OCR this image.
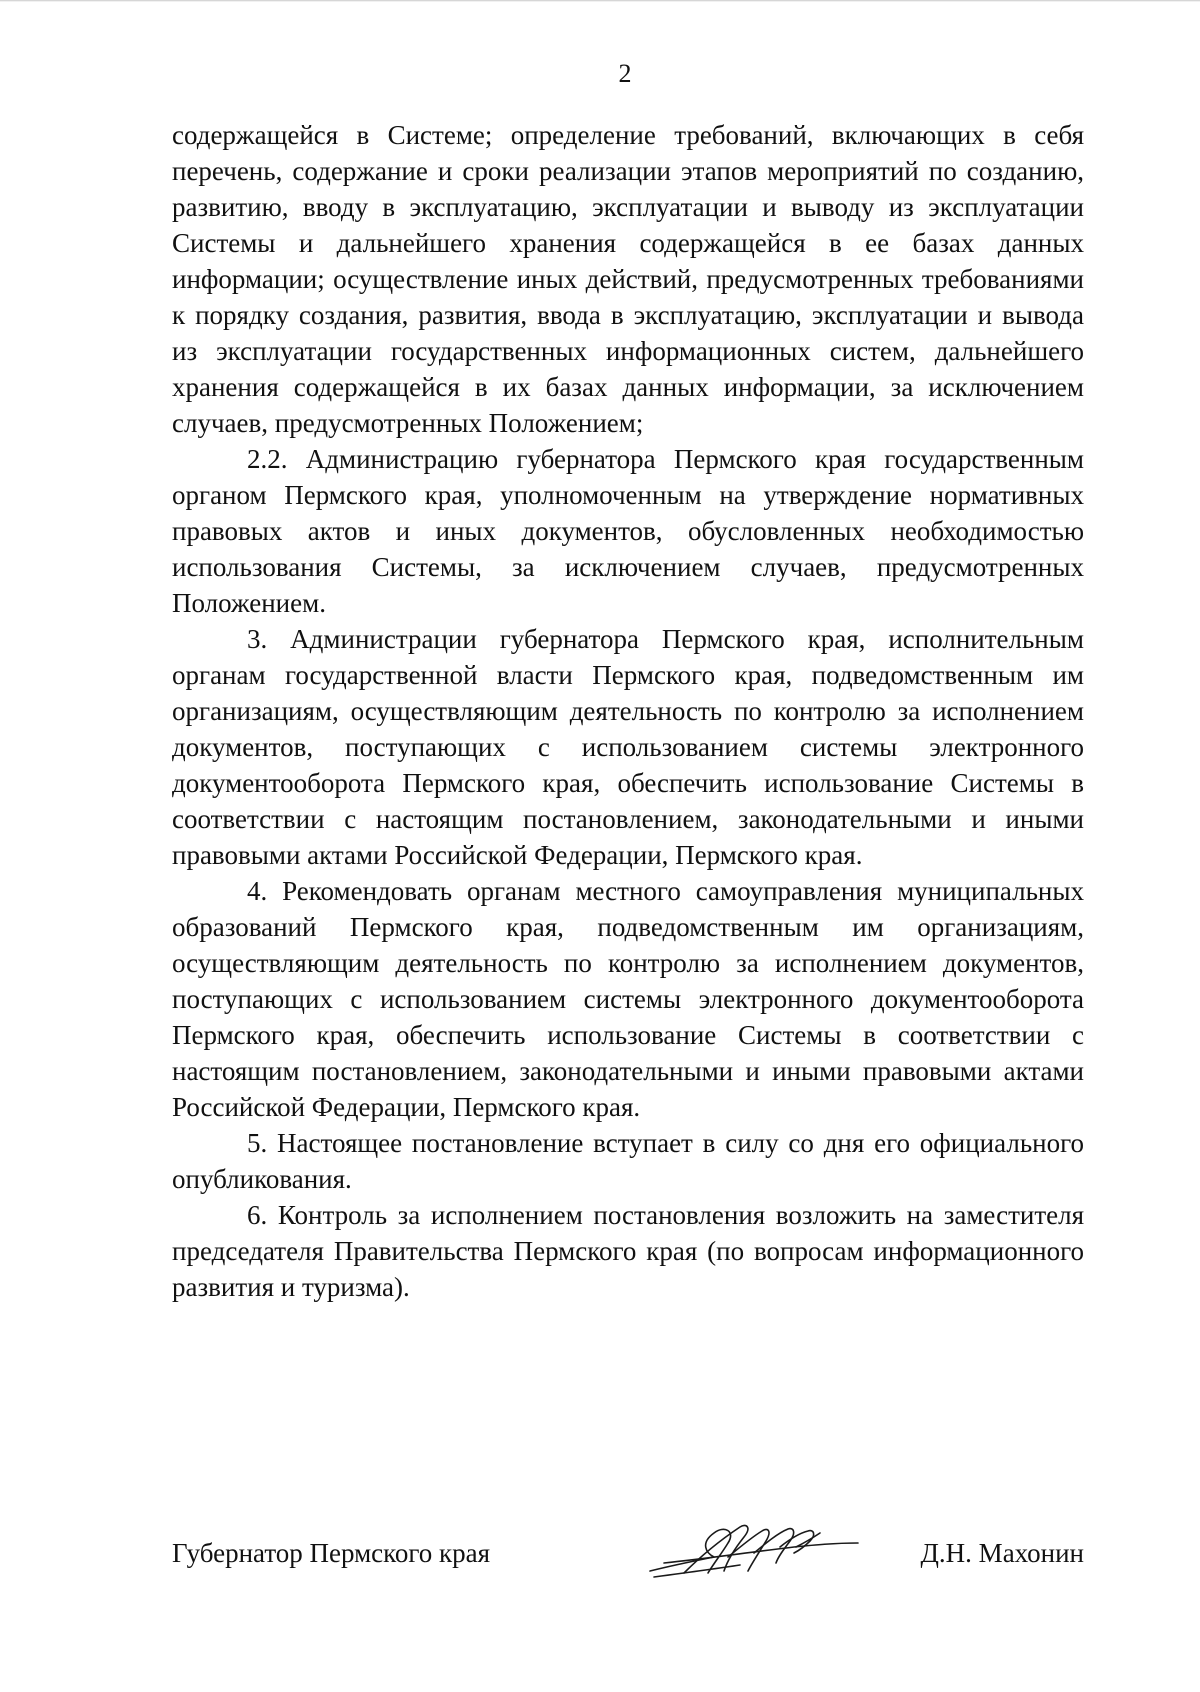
2

содержащейся в Системе; определение требований, включающих в себя перечень, содержание и сроки реализации этапов мероприятий по созданию, развитию, вводу в эксплуатацию, эксплуатации и выводу из эксплуатации Системы и дальнейшего хранения содержащейся в ее базах данных информации; осуществление иных действий, предусмотренных требованиями к порядку создания, развития, ввода в эксплуатацию, эксплуатации и вывода из эксплуатации государственных информационных систем, дальнейшего хранения содержащейся в их базах данных информации, за исключением случаев, предусмотренных Положением;

2.2. Администрацию губернатора Пермского края государственным органом Пермского края, уполномоченным на утверждение нормативных правовых актов и иных документов, обусловленных необходимостью использования Системы, за исключением случаев, предусмотренных Положением.

3. Администрации губернатора Пермского края, исполнительным органам государственной власти Пермского края, подведомственным им организациям, осуществляющим деятельность по контролю за исполнением документов, поступающих с использованием системы электронного документооборота Пермского края, обеспечить использование Системы в соответствии с настоящим постановлением, законодательными и иными правовыми актами Российской Федерации, Пермского края.

4. Рекомендовать органам местного самоуправления муниципальных образований Пермского края, подведомственным им организациям, осуществляющим деятельность по контролю за исполнением документов, поступающих с использованием системы электронного документооборота Пермского края, обеспечить использование Системы в соответствии с настоящим постановлением, законодательными и иными правовыми актами Российской Федерации, Пермского края.

5. Настоящее постановление вступает в силу со дня его официального опубликования.

6. Контроль за исполнением постановления возложить на заместителя председателя Правительства Пермского края (по вопросам информационного развития и туризма).

Губернатор Пермского края	Д.Н. Махонин
